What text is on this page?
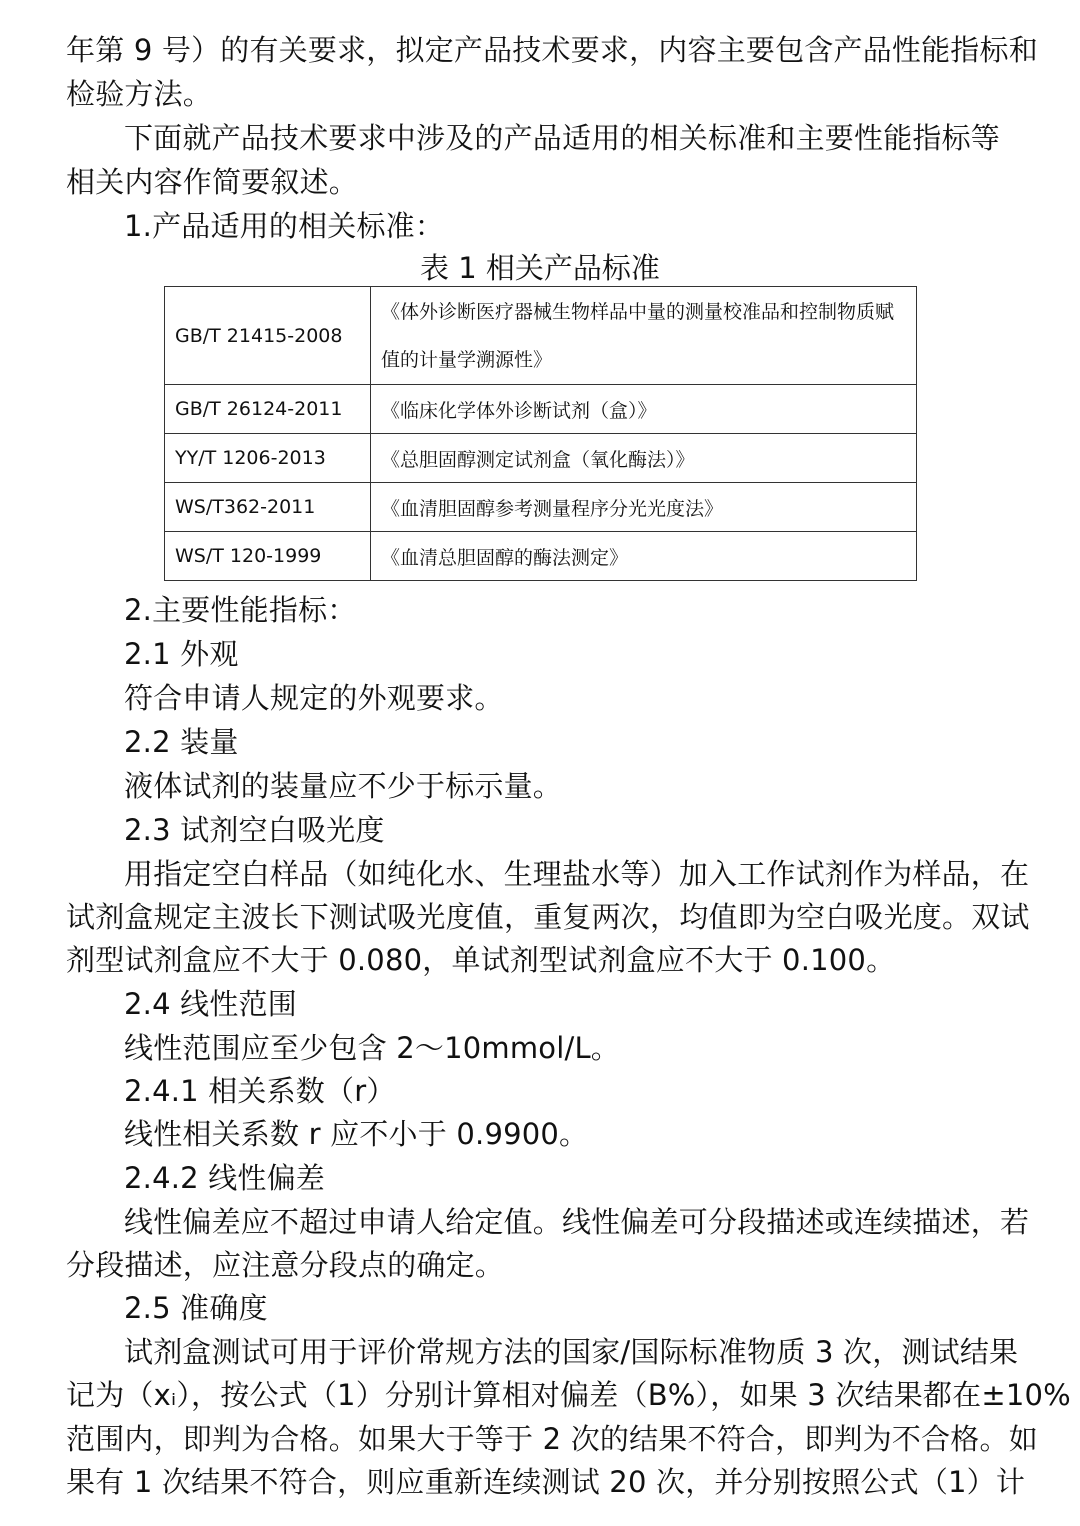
年第 9 号）的有关要求，拟定产品技术要求，内容主要包含产品性能指标和
检验方法。
下面就产品技术要求中涉及的产品适用的相关标准和主要性能指标等
相关内容作简要叙述。
1.产品适用的相关标准：
表 1 相关产品标准
GB/T 21415-2008	《体外诊断医疗器械生物样品中量的测量校准品和控制物质赋
值的计量学溯源性》

GB/T 26124-2011	《临床化学体外诊断试剂（盒）》
YY/T 1206-2013	《总胆固醇测定试剂盒（氧化酶法）》
WS/T362-2011	《血清胆固醇参考测量程序分光光度法》
WS/T 120-1999	《血清总胆固醇的酶法测定》
2.主要性能指标：
2.1 外观
符合申请人规定的外观要求。
2.2 装量
液体试剂的装量应不少于标示量。
2.3 试剂空白吸光度
用指定空白样品（如纯化水、生理盐水等）加入工作试剂作为样品，在
试剂盒规定主波长下测试吸光度值，重复两次，均值即为空白吸光度。双试
剂型试剂盒应不大于 0.080，单试剂型试剂盒应不大于 0.100。
2.4 线性范围
线性范围应至少包含 2～10mmol/L。
2.4.1 相关系数（r）
线性相关系数 r 应不小于 0.9900。
2.4.2 线性偏差
线性偏差应不超过申请人给定值。线性偏差可分段描述或连续描述，若
分段描述，应注意分段点的确定。
2.5 准确度
试剂盒测试可用于评价常规方法的国家/国际标准物质 3 次，测试结果
记为（xᵢ），按公式（1）分别计算相对偏差（B%），如果 3 次结果都在±10%
范围内，即判为合格。如果大于等于 2 次的结果不符合，即判为不合格。如
果有 1 次结果不符合，则应重新连续测试 20 次，并分别按照公式（1）计
